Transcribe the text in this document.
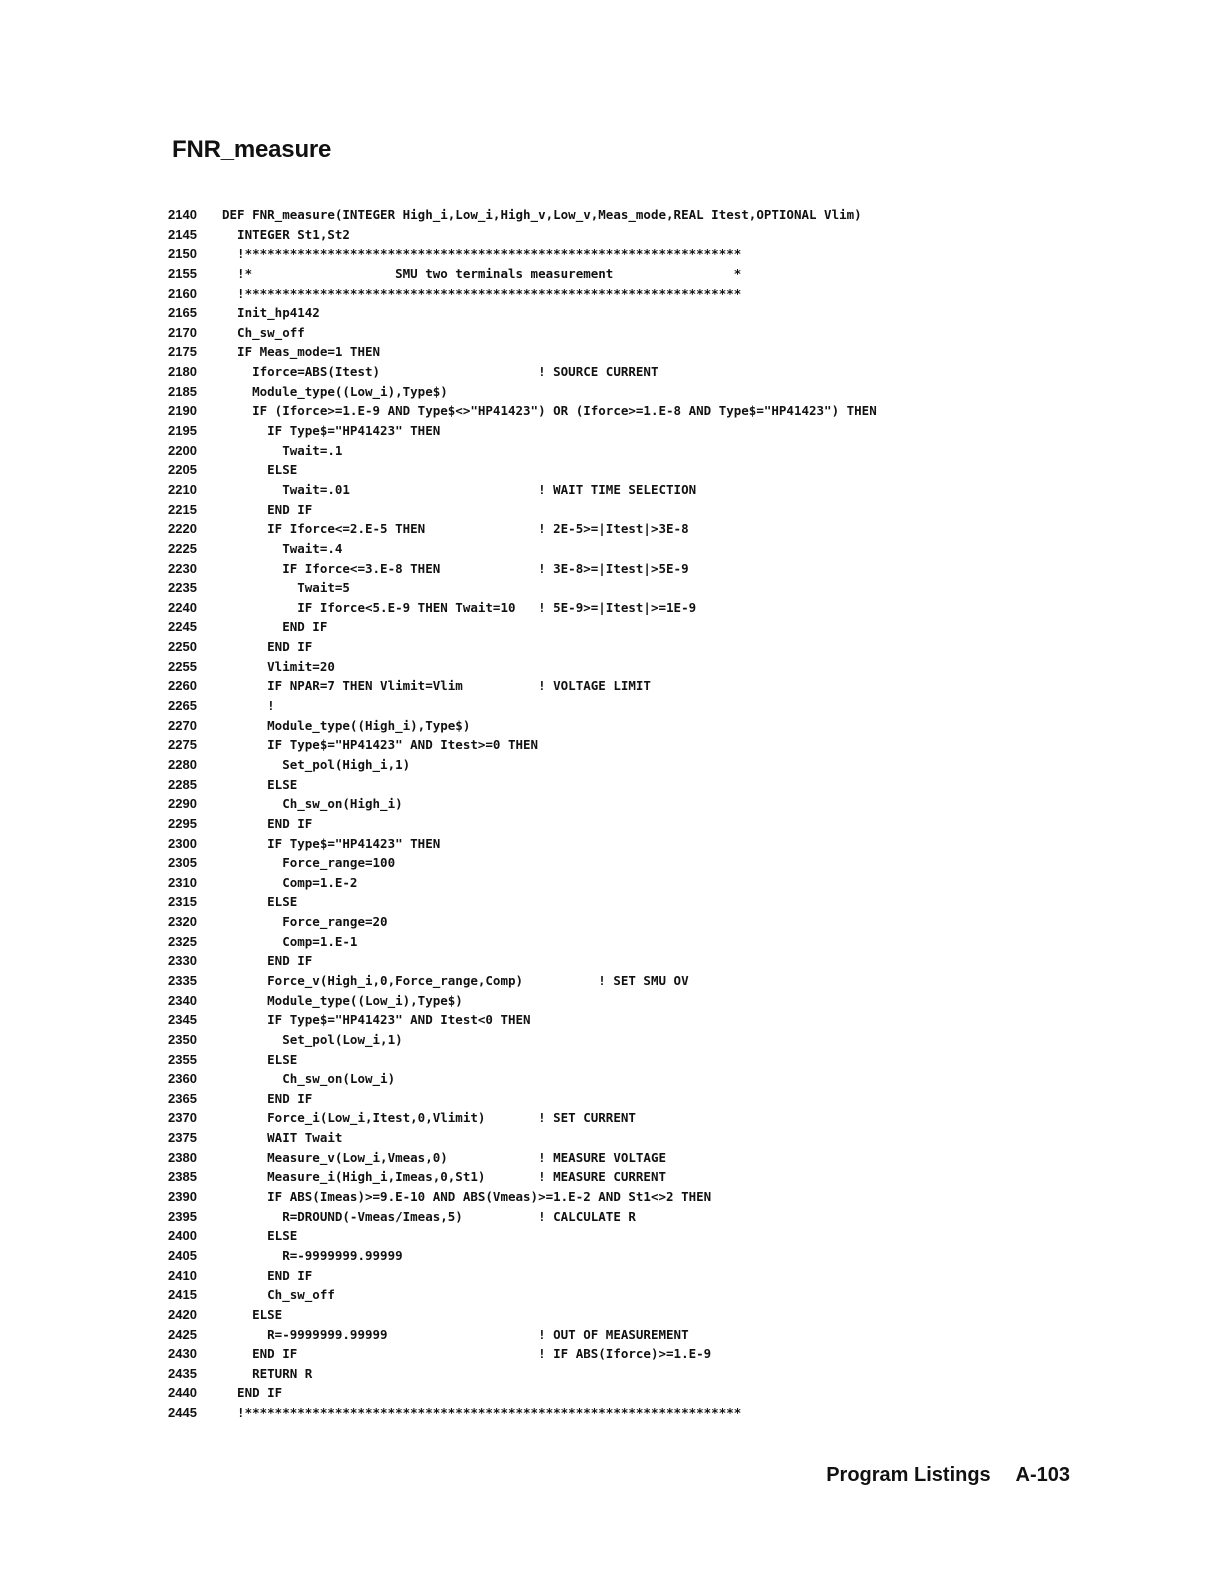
FNR_measure
2140	DEF FNR_measure(INTEGER High_i,Low_i,High_v,Low_v,Meas_mode,REAL Itest,OPTIONAL Vlim)
2145	INTEGER St1,St2
2150	!******************************************************************
2155	!*                   SMU two terminals measurement                *
2160	!******************************************************************
2165	Init_hp4142
2170	Ch_sw_off
2175	IF Meas_mode=1 THEN
2180	Iforce=ABS(Itest)                     ! SOURCE CURRENT
2185	Module_type((Low_i),Type$)
2190	IF (Iforce>=1.E-9 AND Type$<>"HP41423") OR (Iforce>=1.E-8 AND Type$="HP41423") THEN
2195	IF Type$="HP41423" THEN
2200	Twait=.1
2205	ELSE
2210	Twait=.01                         ! WAIT TIME SELECTION
2215	END IF
2220	IF Iforce<=2.E-5 THEN               ! 2E-5>=|Itest|>3E-8
2225	Twait=.4
2230	IF Iforce<=3.E-8 THEN             ! 3E-8>=|Itest|>5E-9
2235	Twait=5
2240	IF Iforce<5.E-9 THEN Twait=10   ! 5E-9>=|Itest|>=1E-9
2245	END IF
2250	END IF
2255	Vlimit=20
2260	IF NPAR=7 THEN Vlimit=Vlim          ! VOLTAGE LIMIT
2265	!
2270	Module_type((High_i),Type$)
2275	IF Type$="HP41423" AND Itest>=0 THEN
2280	Set_pol(High_i,1)
2285	ELSE
2290	Ch_sw_on(High_i)
2295	END IF
2300	IF Type$="HP41423" THEN
2305	Force_range=100
2310	Comp=1.E-2
2315	ELSE
2320	Force_range=20
2325	Comp=1.E-1
2330	END IF
2335	Force_v(High_i,0,Force_range,Comp)          ! SET SMU OV
2340	Module_type((Low_i),Type$)
2345	IF Type$="HP41423" AND Itest<0 THEN
2350	Set_pol(Low_i,1)
2355	ELSE
2360	Ch_sw_on(Low_i)
2365	END IF
2370	Force_i(Low_i,Itest,0,Vlimit)       ! SET CURRENT
2375	WAIT Twait
2380	Measure_v(Low_i,Vmeas,0)            ! MEASURE VOLTAGE
2385	Measure_i(High_i,Imeas,0,St1)       ! MEASURE CURRENT
2390	IF ABS(Imeas)>=9.E-10 AND ABS(Vmeas)>=1.E-2 AND St1<>2 THEN
2395	R=DROUND(-Vmeas/Imeas,5)          ! CALCULATE R
2400	ELSE
2405	R=-9999999.99999
2410	END IF
2415	Ch_sw_off
2420	ELSE
2425	R=-9999999.99999                    ! OUT OF MEASUREMENT
2430	END IF                                ! IF ABS(Iforce)>=1.E-9
2435	RETURN R
2440	END IF
2445	!******************************************************************
Program Listings A-103
